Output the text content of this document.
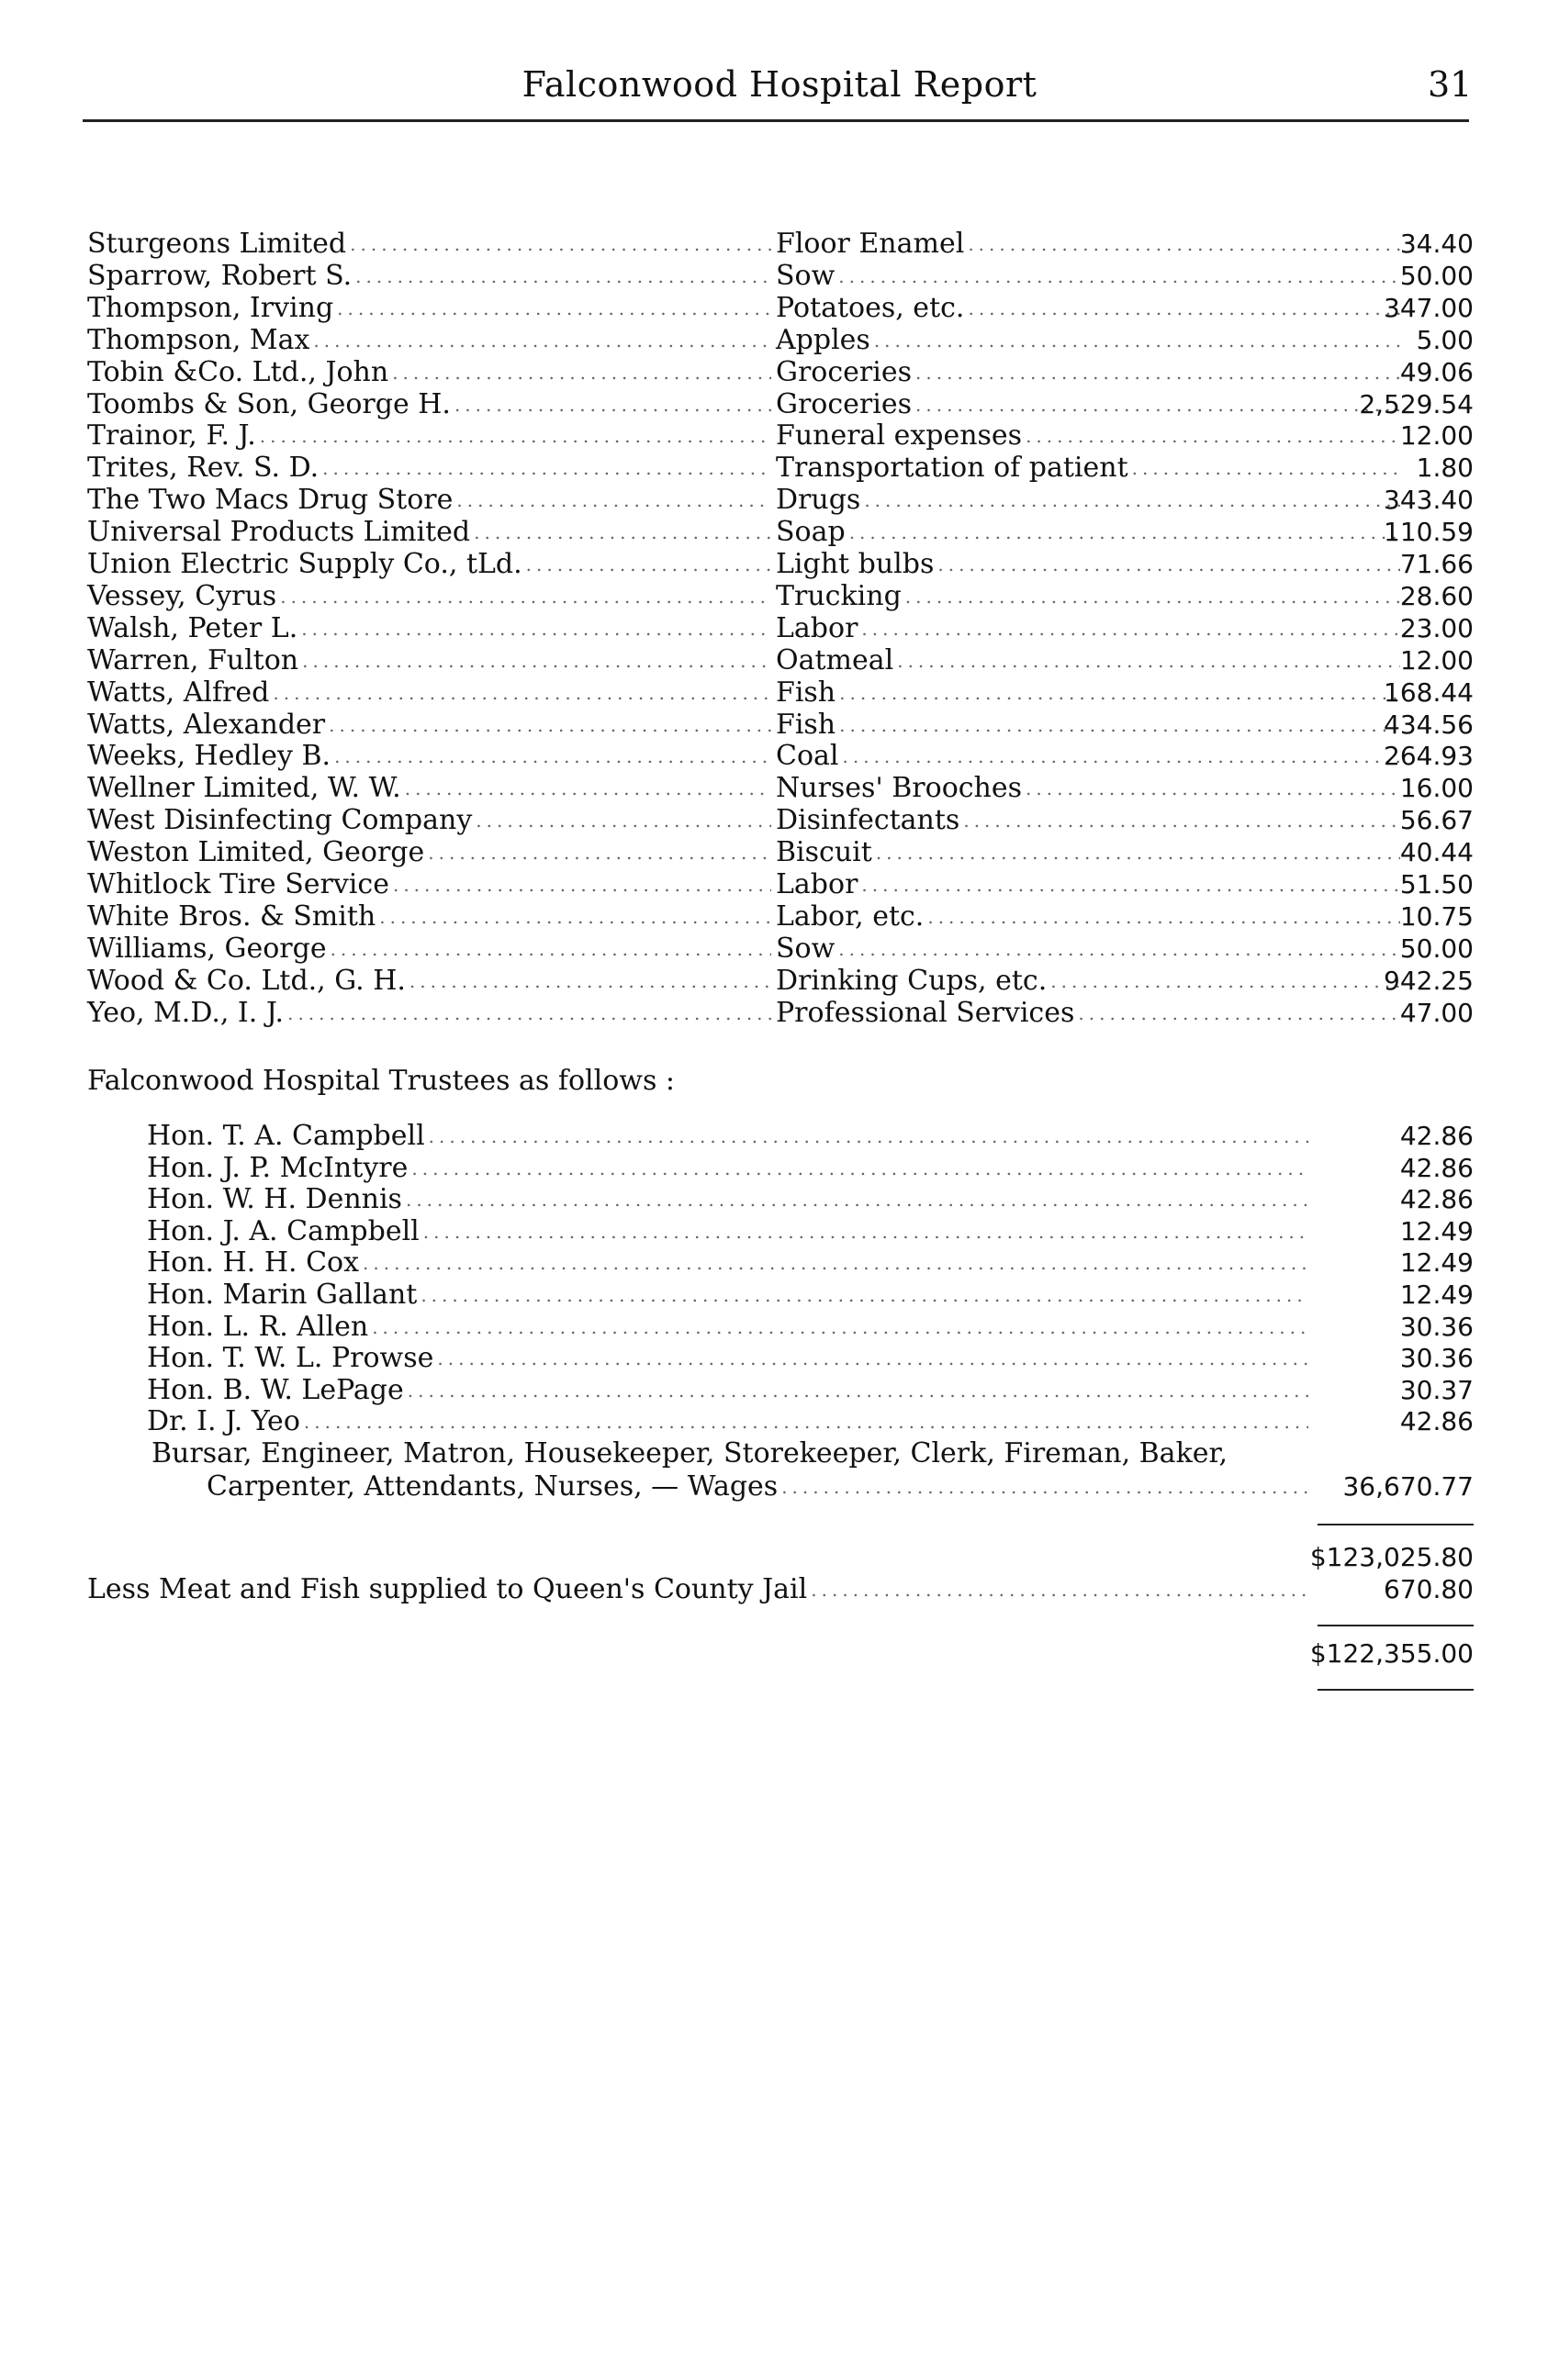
Falconwood Hospital Report	31
Sturgeons Limited .....	Floor Enamel .....	34.40
Sparrow, Robert S. .....	Sow .....	50.00
Thompson, Irving .....	Potatoes, etc. .....	347.00
Thompson, Max .....	Apples .....	5.00
Tobin &Co. Ltd., John .....	Groceries .....	49.06
Toombs & Son, George H. .....	Groceries .....	2,529.54
Trainor, F. J. .....	Funeral expenses .....	12.00
Trites, Rev. S. D. .....	Transportation of patient .....	1.80
The Two Macs Drug Store .....	Drugs .....	343.40
Universal Products Limited .....	Soap .....	110.59
Union Electric Supply Co., tLd. .....	Light bulbs .....	71.66
Vessey, Cyrus .....	Trucking .....	28.60
Walsh, Peter L. .....	Labor .....	23.00
Warren, Fulton .....	Oatmeal .....	12.00
Watts, Alfred .....	Fish .....	168.44
Watts, Alexander .....	Fish .....	434.56
Weeks, Hedley B. .....	Coal .....	264.93
Wellner Limited, W. W. .....	Nurses' Brooches .....	16.00
West Disinfecting Company .....	Disinfectants .....	56.67
Weston Limited, George .....	Biscuit .....	40.44
Whitlock Tire Service .....	Labor .....	51.50
White Bros. & Smith .....	Labor, etc. .....	10.75
Williams, George .....	Sow .....	50.00
Wood & Co. Ltd., G. H. .....	Drinking Cups, etc. .....	942.25
Yeo, M.D., I. J. .....	Professional Services .....	47.00
Falconwood Hospital Trustees as follows :
Hon. T. A. Campbell .....	42.86
Hon. J. P. McIntyre .....	42.86
Hon. W. H. Dennis .....	42.86
Hon. J. A. Campbell .....	12.49
Hon. H. H. Cox .....	12.49
Hon. Marin Gallant .....	12.49
Hon. L. R. Allen .....	30.36
Hon. T. W. L. Prowse .....	30.36
Hon. B. W. LePage .....	30.37
Dr. I. J. Yeo .....	42.86
Bursar, Engineer, Matron, Housekeeper, Storekeeper, Clerk, Fireman, Baker,
Carpenter, Attendants, Nurses, — Wages .....	36,670.77
$123,025.80
Less Meat and Fish supplied to Queen's County Jail .....	670.80
$122,355.00
